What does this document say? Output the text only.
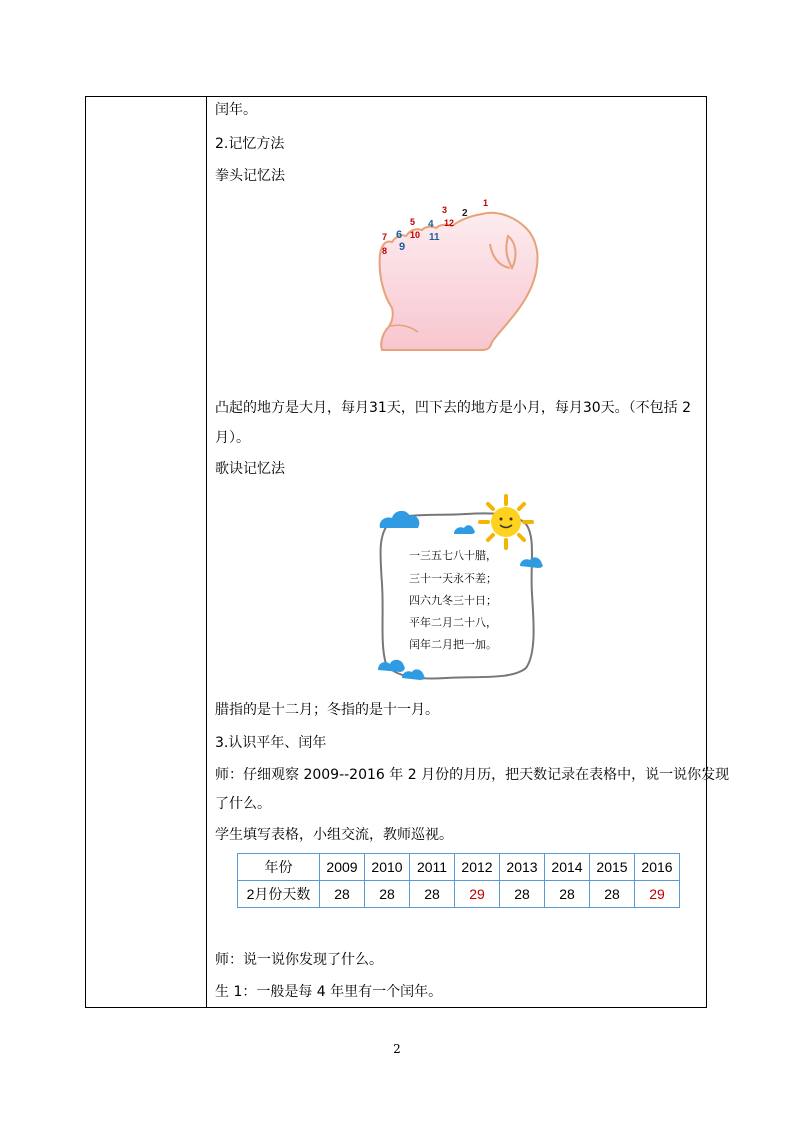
闰年。
2.记忆方法
拳头记忆法
1
2
3
4
5
6
7
8 9
10 11
12
凸起的地方是大月，每月31天，凹下去的地方是小月，每月30天。（不包括 2
月）。
歌诀记忆法
一三五七八十腊，
三十一天永不差；
四六九冬三十日；
平年二月二十八，
闰年二月把一加。
腊指的是十二月；冬指的是十一月。
3.认识平年、闰年
师：仔细观察 2009--2016 年 2 月份的月历，把天数记录在表格中，说一说你发现
了什么。
学生填写表格，小组交流，教师巡视。
年份	2009	2010	2011	2012	2013	2014	2015	2016
2月份天数	28	28	28	29	28	28	28	29
师：说一说你发现了什么。
生 1：一般是每 4 年里有一个闰年。
2
